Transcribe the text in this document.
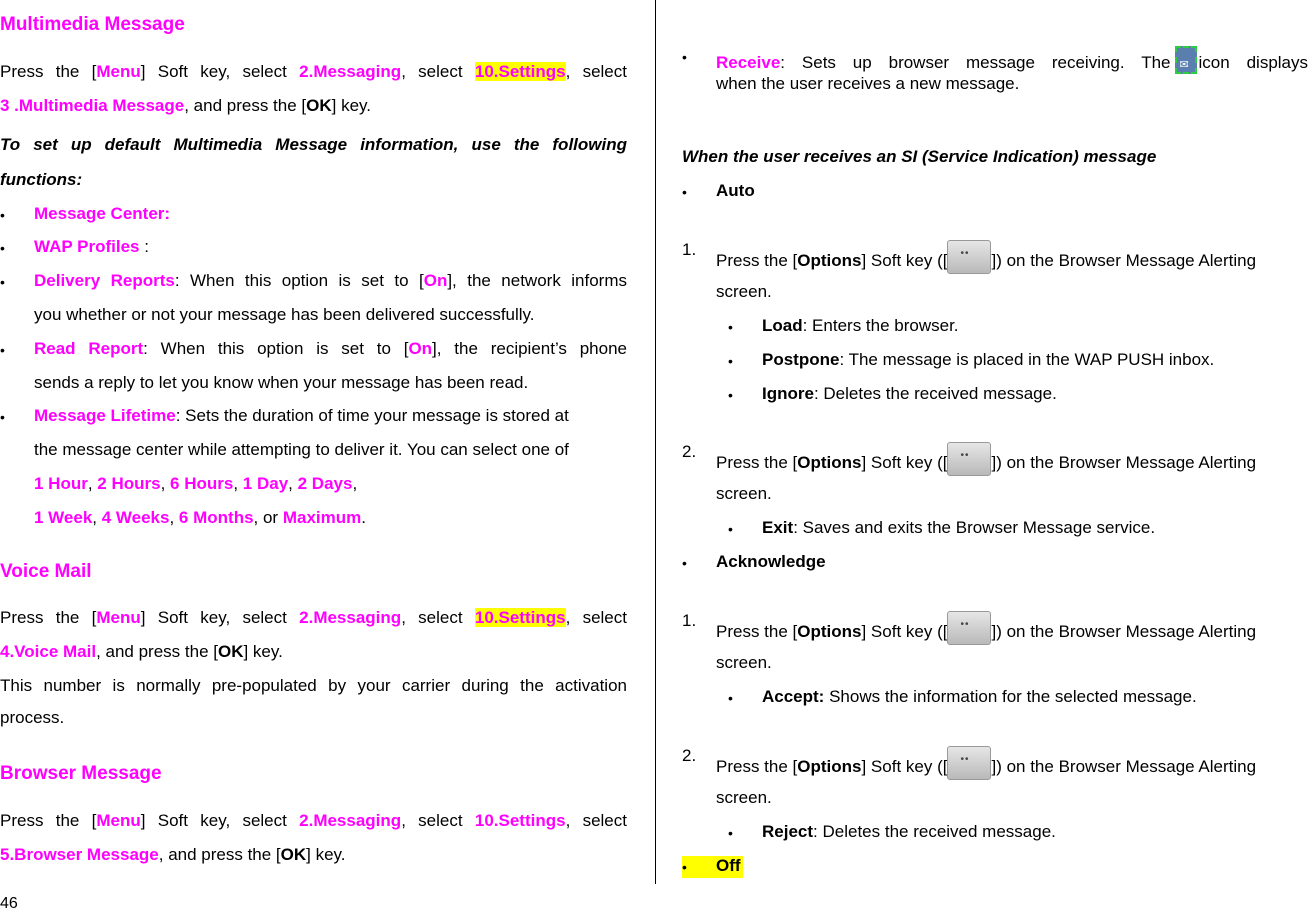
Multimedia Message
Press the [Menu] Soft key, select 2.Messaging, select 10.Settings, select
3 .Multimedia Message, and press the [OK] key.
To set up default Multimedia Message information, use the following
functions:
• Message Center:
• WAP Profiles :
• Delivery Reports: When this option is set to [On], the network informs
you whether or not your message has been delivered successfully.
• Read Report: When this option is set to [On], the recipient’s phone
sends a reply to let you know when your message has been read.
• Message Lifetime: Sets the duration of time your message is stored at
the message center while attempting to deliver it. You can select one of
1 Hour, 2 Hours, 6 Hours, 1 Day, 2 Days,
1 Week, 4 Weeks, 6 Months, or Maximum.
Voice Mail
Press the [Menu] Soft key, select 2.Messaging, select 10.Settings, select
4.Voice Mail, and press the [OK] key.
This number is normally pre-populated by your carrier during the activation
process.
Browser Message
Press the [Menu] Soft key, select 2.Messaging, select 10.Settings, select
5.Browser Message, and press the [OK] key.
• Receive: Sets up browser message receiving. The ✉ icon displays
when the user receives a new message.
When the user receives an SI (Service Indication) message
• Auto
1.
Press the [Options] Soft key ([ ••	]) on the Browser Message Alerting
screen.
• Load: Enters the browser.
• Postpone: The message is placed in the WAP PUSH inbox.
• Ignore: Deletes the received message.
2.
Press the [Options] Soft key ([ ••	]) on the Browser Message Alerting
screen.
• Exit: Saves and exits the Browser Message service.
• Acknowledge
1.
Press the [Options] Soft key ([ ••	]) on the Browser Message Alerting
screen.
• Accept: Shows the information for the selected message.
2.
Press the [Options] Soft key ([ ••	]) on the Browser Message Alerting
screen.
• Reject: Deletes the received message.
• Off
46
